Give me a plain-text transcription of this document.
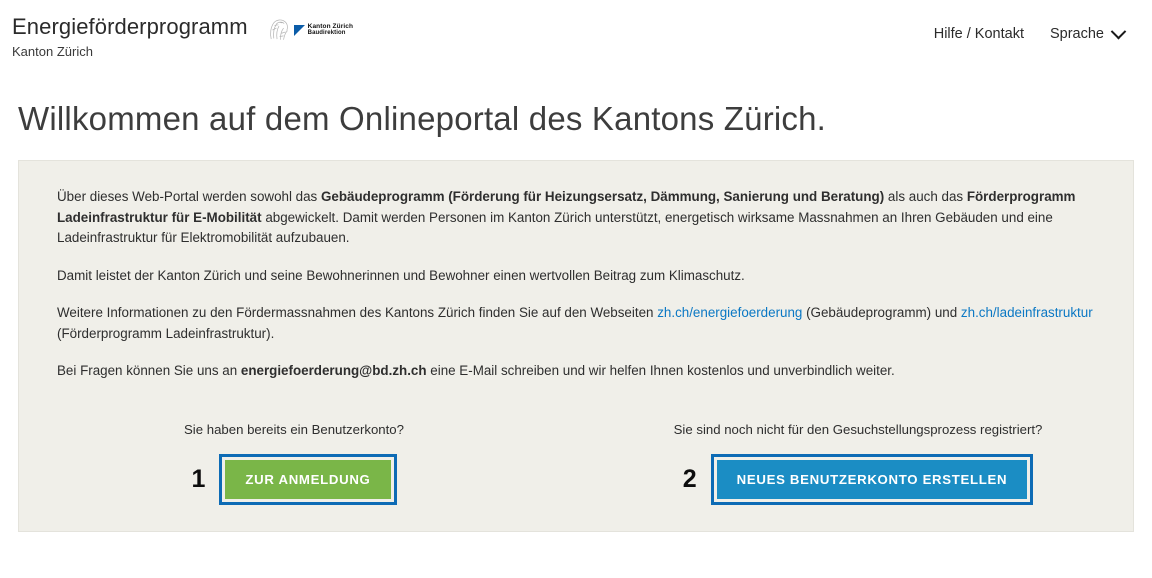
Energieförderprogramm
Kanton Zürich
Kanton Zürich
Baudirektion	Hilfe / Kontakt Sprache
Willkommen auf dem Onlineportal des Kantons Zürich.

Über dieses Web-Portal werden sowohl das Gebäudeprogramm (Förderung für Heizungsersatz, Dämmung, Sanierung und Beratung) als auch das Förderprogramm Ladeinfrastruktur für E-Mobilität abgewickelt. Damit werden Personen im Kanton Zürich unterstützt, energetisch wirksame Massnahmen an Ihren Gebäuden und eine Ladeinfrastruktur für Elektromobilität aufzubauen.

Damit leistet der Kanton Zürich und seine Bewohnerinnen und Bewohner einen wertvollen Beitrag zum Klimaschutz.

Weitere Informationen zu den Fördermassnahmen des Kantons Zürich finden Sie auf den Webseiten zh.ch/energiefoerderung (Gebäudeprogramm) und zh.ch/ladeinfrastruktur (Förderprogramm Ladeinfrastruktur).

Bei Fragen können Sie uns an energiefoerderung@bd.zh.ch eine E-Mail schreiben und wir helfen Ihnen kostenlos und unverbindlich weiter.

Sie haben bereits ein Benutzerkonto?
1	ZUR ANMELDUNG
Sie sind noch nicht für den Gesuchstellungsprozess registriert?
2	NEUES BENUTZERKONTO ERSTELLEN
